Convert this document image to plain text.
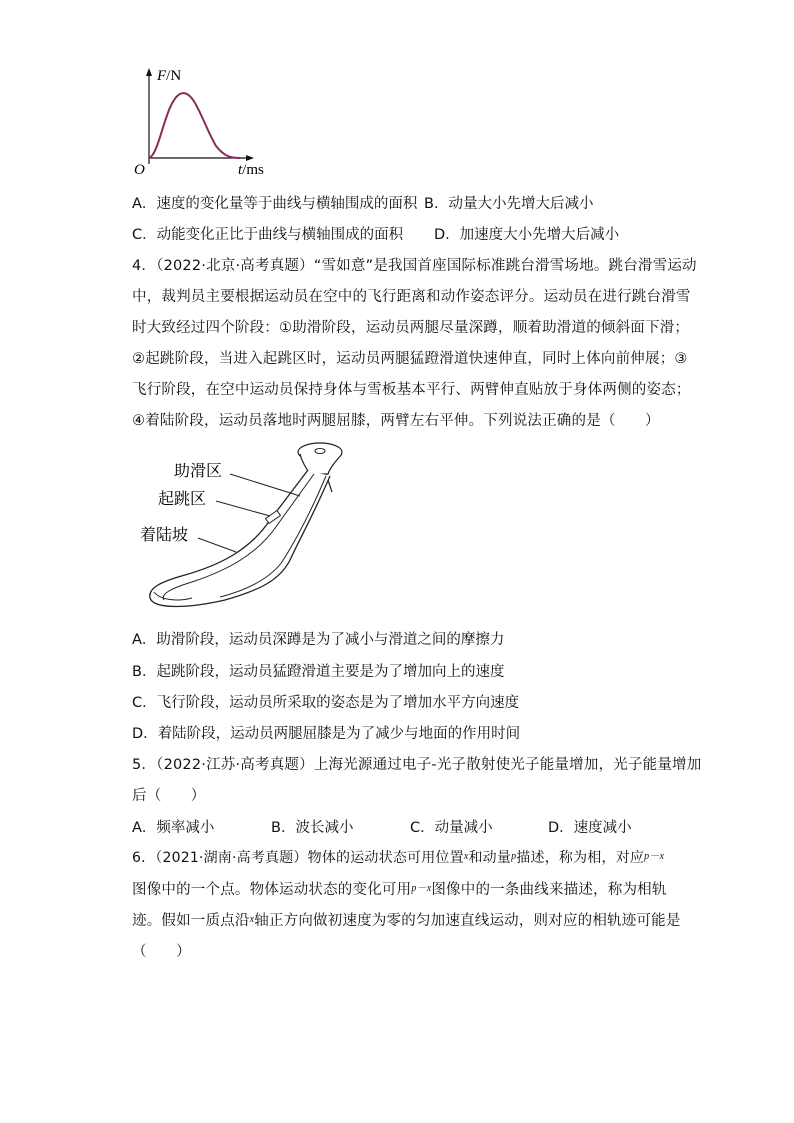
F/N
O	t/ms
A．速度的变化量等于曲线与横轴围成的面积 B．动量大小先增大后减小
C．动能变化正比于曲线与横轴围成的面积 D．加速度大小先增大后减小
4．（2022·北京·高考真题）“雪如意”是我国首座国际标准跳台滑雪场地。跳台滑雪运动
中，裁判员主要根据运动员在空中的飞行距离和动作姿态评分。运动员在进行跳台滑雪
时大致经过四个阶段：①助滑阶段，运动员两腿尽量深蹲，顺着助滑道的倾斜面下滑；
②起跳阶段，当进入起跳区时，运动员两腿猛蹬滑道快速伸直，同时上体向前伸展；③
飞行阶段，在空中运动员保持身体与雪板基本平行、两臂伸直贴放于身体两侧的姿态；
④着陆阶段，运动员落地时两腿屈膝，两臂左右平伸。下列说法正确的是（　　）
助滑区
起跳区
着陆坡
A．助滑阶段，运动员深蹲是为了减小与滑道之间的摩擦力
B．起跳阶段，运动员猛蹬滑道主要是为了增加向上的速度
C．飞行阶段，运动员所采取的姿态是为了增加水平方向速度
D．着陆阶段，运动员两腿屈膝是为了减少与地面的作用时间
5．（2022·江苏·高考真题）上海光源通过电子-光子散射使光子能量增加，光子能量增加
后（　　）
A．频率减小	B．波长减小	C．动量减小	D．速度减小
6．（2021·湖南·高考真题）物体的运动状态可用位置$^x$和动量$^p$描述，称为相，对应$^{p-x}$
图像中的一个点。物体运动状态的变化可用$^{p-x}$图像中的一条曲线来描述，称为相轨
迹。假如一质点沿$^x$轴正方向做初速度为零的匀加速直线运动，则对应的相轨迹可能是
（　　）
